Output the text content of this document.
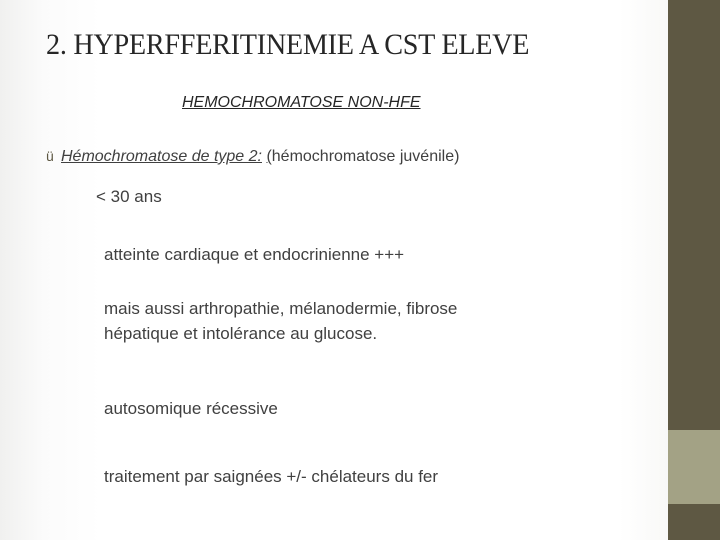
2. HYPERFFERITINEMIE A CST ELEVE
HEMOCHROMATOSE NON-HFE
ü Hémochromatose de type 2: (hémochromatose juvénile)
< 30 ans
atteinte cardiaque et endocrinienne +++
mais aussi arthropathie, mélanodermie, fibrose
hépatique et intolérance au glucose.
autosomique récessive
traitement par saignées +/- chélateurs du fer
